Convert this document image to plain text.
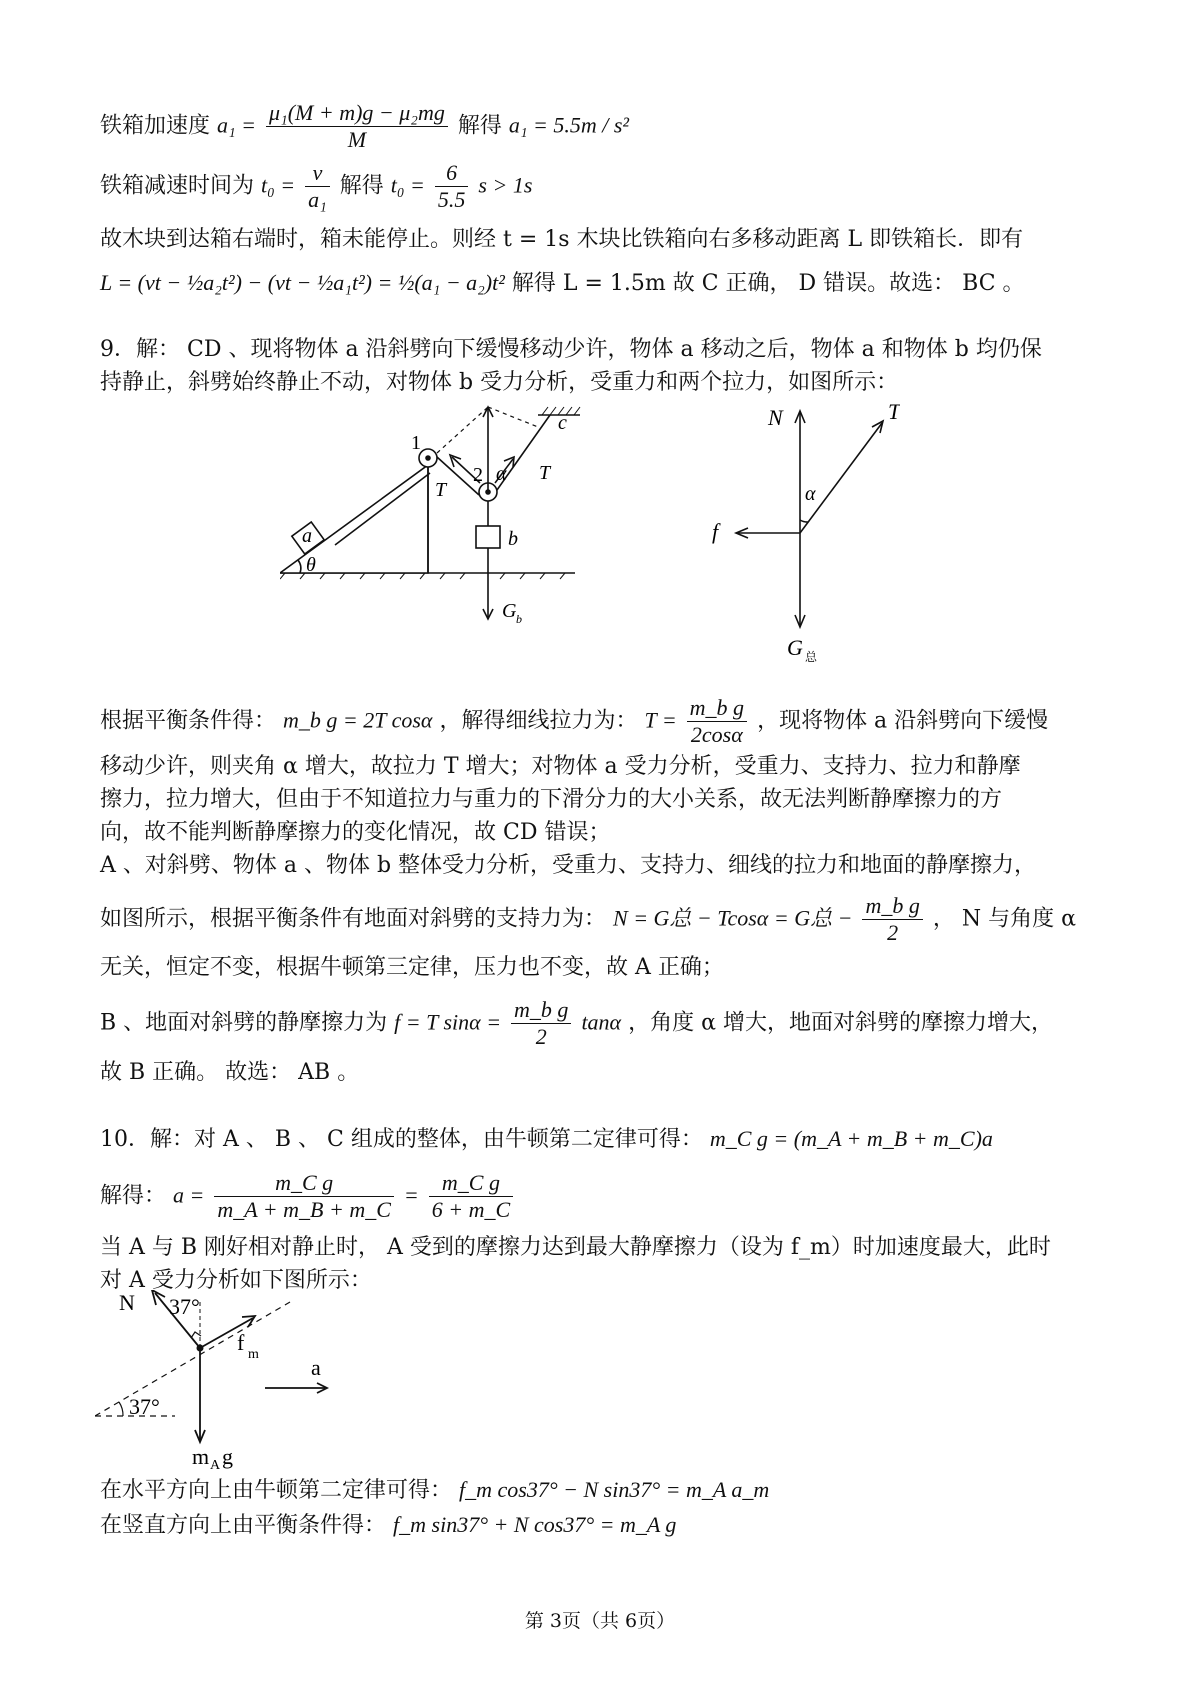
铁箱加速度 $a_1 = \frac{\text{μ₁(M + m)g − μ₂mg}}{M}$ 解得 a₁ = 5.5m / s²
铁箱减速时间为 $t_0 = \frac{v}{\text{a₁}}$ 解得 $t_0 = \frac{6}{5.5}$ s > 1s
故木块到达箱右端时，箱未能停止。则经 t = 1s 木块比铁箱向右多移动距离 L 即铁箱长．即有
L = (vt − ½a₂t²) − (vt − ½a₁t²) = ½(a₁ − a₂)t² 解得 L = 1.5m 故 C 正确， D 错误。故选： BC 。
9．解： CD 、现将物体 a 沿斜劈向下缓慢移动少许，物体 a 移动之后，物体 a 和物体 b 均仍保
持静止，斜劈始终静止不动，对物体 b 受力分析，受重力和两个拉力，如图所示：
1
2 α
c
a	b
θ
T
T
G b
N	T
α
f
G 总
根据平衡条件得： m_b g = 2T cosα ，解得细线拉力为： $T = \frac{\text{m\_b g}}{2\cos\alpha}$ ，现将物体 a 沿斜劈向下缓慢
移动少许，则夹角 α 增大，故拉力 T 增大；对物体 a 受力分析，受重力、支持力、拉力和静摩
擦力，拉力增大，但由于不知道拉力与重力的下滑分力的大小关系，故无法判断静摩擦力的方
向，故不能判断静摩擦力的变化情况，故 CD 错误；
A 、对斜劈、物体 a 、物体 b 整体受力分析，受重力、支持力、细线的拉力和地面的静摩擦力，
如图所示，根据平衡条件有地面对斜劈的支持力为： N = G总 − Tcosα = G总 − $\frac{\text{m\_b g}}{2}$ ， N 与角度 α
无关，恒定不变，根据牛顿第三定律，压力也不变，故 A 正确；
B 、地面对斜劈的静摩擦力为 f = T $\sin\alpha = \frac{\text{m\_b g}}{2}$ tanα ，角度 α 增大，地面对斜劈的摩擦力增大，
故 B 正确。 故选： AB 。
10．解：对 A 、 B 、 C 组成的整体，由牛顿第二定律可得： m_C g = (m_A + m_B + m_C)a
解得： $a = \frac{\text{m\_C g}}{m\_A + m\_B + m\_C} = \frac{\text{m\_C g}}{6 + m\_C}$
当 A 与 B 刚好相对静止时， A 受到的摩擦力达到最大静摩擦力（设为 f_m）时加速度最大，此时
对 A 受力分析如下图所示：
N 37°
f m
a
37°
m A g
在水平方向上由牛顿第二定律可得： f_m cos37° − N sin37° = m_A a_m
在竖直方向上由平衡条件得： f_m sin37° + N cos37° = m_A g
第 3页（共 6页）
